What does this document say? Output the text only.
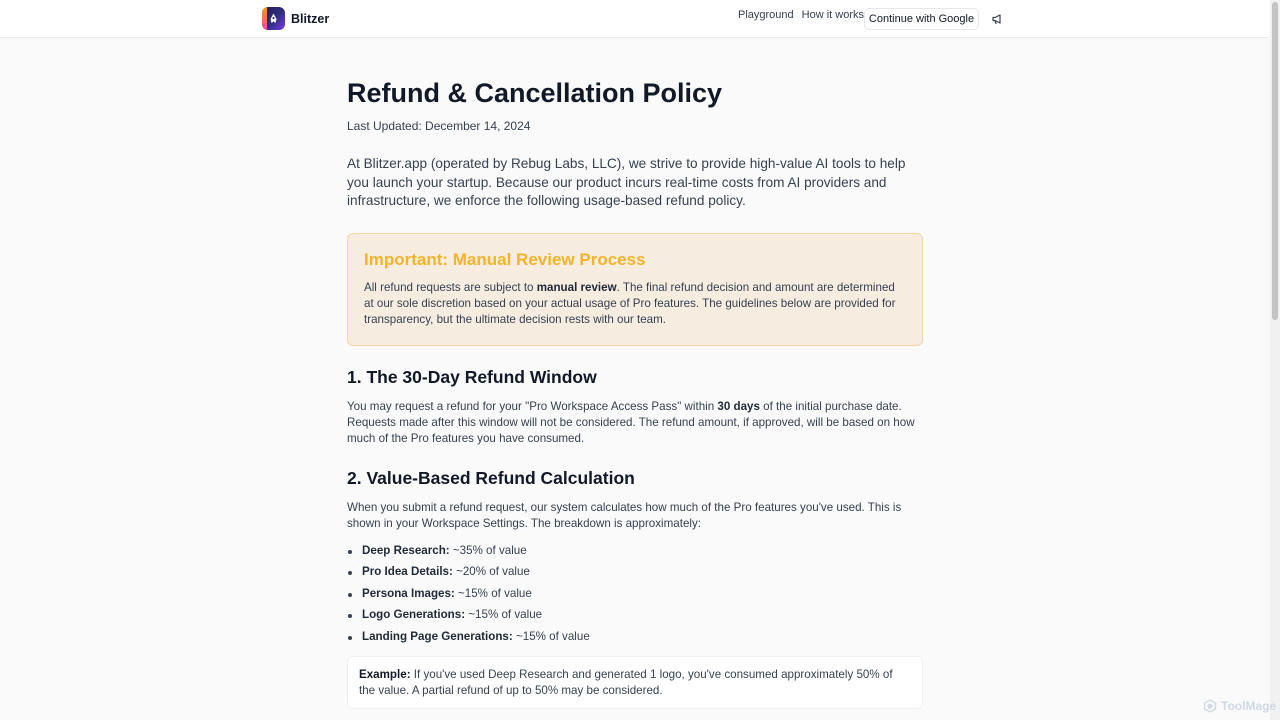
Blitzer	Playground How it works Continue with Google
Refund & Cancellation Policy

Last Updated: December 14, 2024

At Blitzer.app (operated by Rebug Labs, LLC), we strive to provide high-value AI tools to help you launch your startup. Because our product incurs real-time costs from AI providers and infrastructure, we enforce the following usage-based refund policy.

Important: Manual Review Process

All refund requests are subject to manual review. The final refund decision and amount are determined at our sole discretion based on your actual usage of Pro features. The guidelines below are provided for transparency, but the ultimate decision rests with our team.

1. The 30-Day Refund Window

You may request a refund for your "Pro Workspace Access Pass" within 30 days of the initial purchase date. Requests made after this window will not be considered. The refund amount, if approved, will be based on how much of the Pro features you have consumed.

2. Value-Based Refund Calculation

When you submit a refund request, our system calculates how much of the Pro features you've used. This is shown in your Workspace Settings. The breakdown is approximately:

Deep Research: ~35% of value
Pro Idea Details: ~20% of value
Persona Images: ~15% of value
Logo Generations: ~15% of value
Landing Page Generations: ~15% of value
Example: If you've used Deep Research and generated 1 logo, you've consumed approximately 50% of the value. A partial refund of up to 50% may be considered.
ToolMage
